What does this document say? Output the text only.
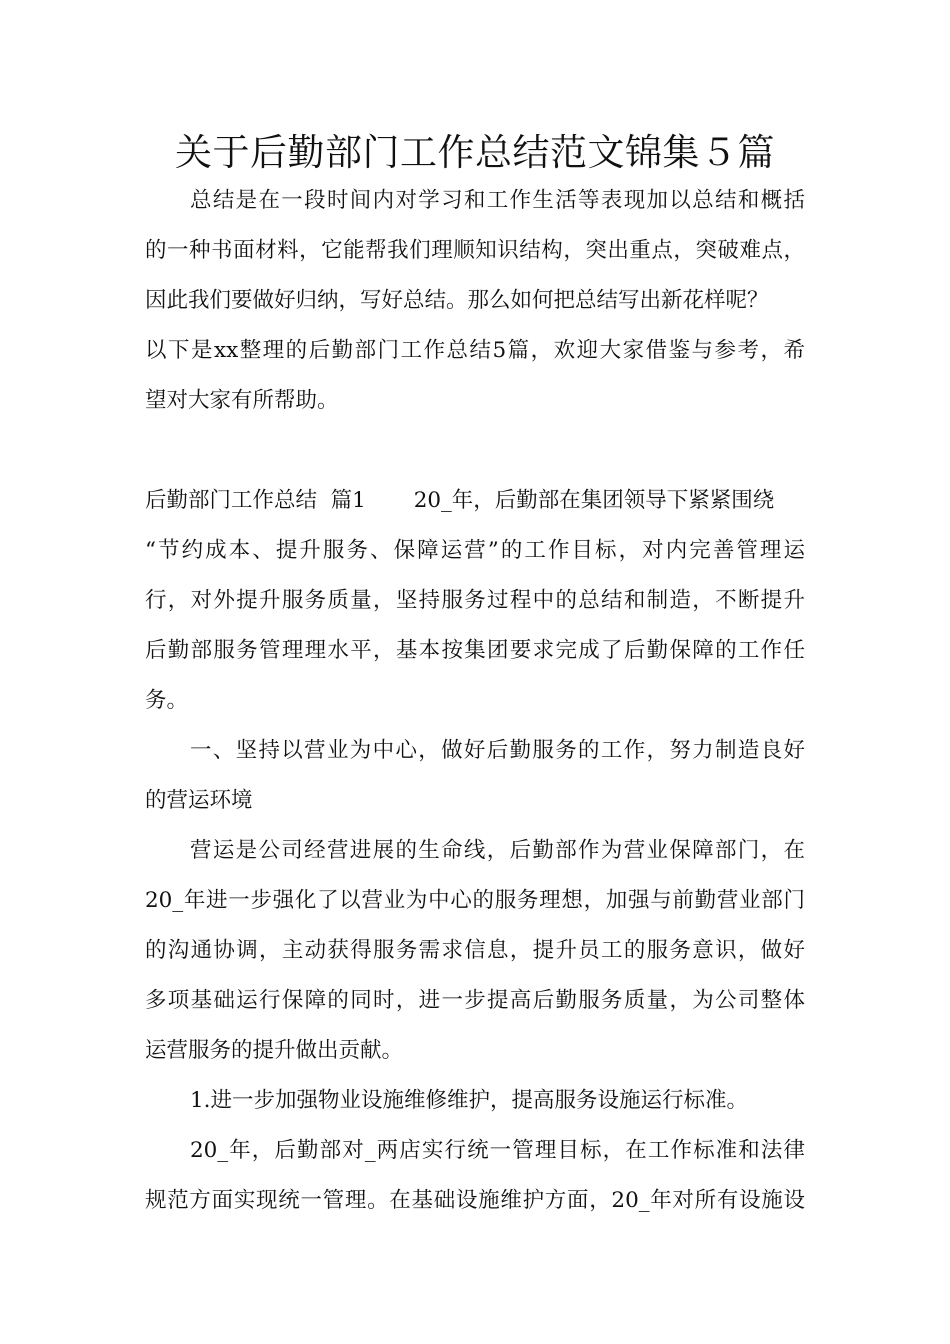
关于后勤部门工作总结范文锦集５篇

总结是在一段时间内对学习和工作生活等表现加以总结和概括

的一种书面材料，它能帮我们理顺知识结构，突出重点，突破难点，

因此我们要做好归纳，写好总结。那么如何把总结写出新花样呢？

以下是xx整理的后勤部门工作总结5篇，欢迎大家借鉴与参考，希

望对大家有所帮助。

后勤部门工作总结  篇1       20_年，后勤部在集团领导下紧紧围绕

“节约成本、提升服务、保障运营”的工作目标，对内完善管理运

行，对外提升服务质量，坚持服务过程中的总结和制造，不断提升

后勤部服务管理理水平，基本按集团要求完成了后勤保障的工作任

务。

一、坚持以营业为中心，做好后勤服务的工作，努力制造良好

的营运环境

营运是公司经营进展的生命线，后勤部作为营业保障部门，在

20_年进一步强化了以营业为中心的服务理想，加强与前勤营业部门

的沟通协调，主动获得服务需求信息，提升员工的服务意识，做好

多项基础运行保障的同时，进一步提高后勤服务质量，为公司整体

运营服务的提升做出贡献。

1.进一步加强物业设施维修维护，提高服务设施运行标准。

20_年，后勤部对_两店实行统一管理目标，在工作标准和法律

规范方面实现统一管理。在基础设施维护方面，20_年对所有设施设
